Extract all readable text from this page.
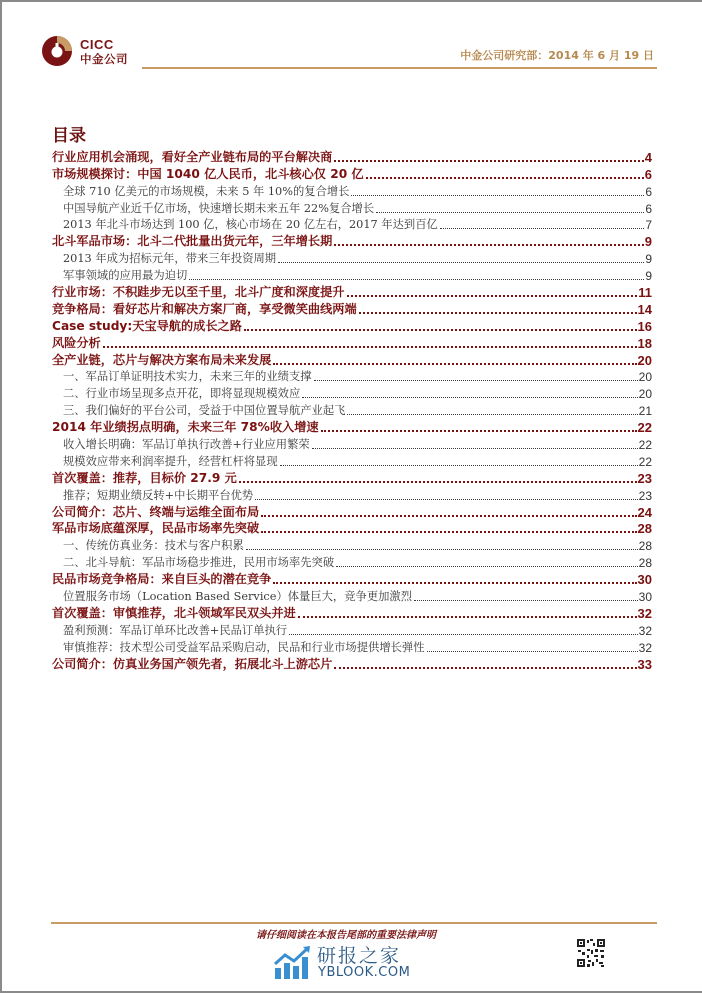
CICC
中金公司	中金公司研究部：2014 年 6 月 19 日
目录
行业应用机会涌现，看好全产业链布局的平台解决商	4
市场规模探讨：中国 1040 亿人民币，北斗核心仅 20 亿	6
全球 710 亿美元的市场规模，未来 5 年 10%的复合增长	6
中国导航产业近千亿市场，快速增长期未来五年 22%复合增长	6
2013 年北斗市场达到 100 亿，核心市场在 20 亿左右，2017 年达到百亿	7
北斗军品市场：北斗二代批量出货元年，三年增长期	9
2013 年成为招标元年，带来三年投资周期	9
军事领域的应用最为迫切	9
行业市场：不积跬步无以至千里，北斗广度和深度提升	11
竞争格局：看好芯片和解决方案厂商，享受微笑曲线两端	14
Case study:天宝导航的成长之路	16
风险分析	18
全产业链，芯片与解决方案布局未来发展	20
一、军品订单证明技术实力，未来三年的业绩支撑	20
二、行业市场呈现多点开花，即将显现规模效应	20
三、我们偏好的平台公司，受益于中国位置导航产业起飞	21
2014 年业绩拐点明确，未来三年 78%收入增速	22
收入增长明确：军品订单执行改善+行业应用繁荣	22
规模效应带来利润率提升，经营杠杆将显现	22
首次覆盖：推荐，目标价 27.9 元	23
推荐；短期业绩反转+中长期平台优势	23
公司简介：芯片、终端与运维全面布局	24
军品市场底蕴深厚，民品市场率先突破	28
一、传统仿真业务：技术与客户积累	28
二、北斗导航：军品市场稳步推进，民用市场率先突破	28
民品市场竞争格局：来自巨头的潜在竞争	30
位置服务市场（Location Based Service）体量巨大，竞争更加激烈	30
首次覆盖：审慎推荐，北斗领域军民双头并进	32
盈利预测：军品订单环比改善+民品订单执行	32
审慎推荐：技术型公司受益军品采购启动，民品和行业市场提供增长弹性	32
公司简介：仿真业务国产领先者，拓展北斗上游芯片	33
请仔细阅读在本报告尾部的重要法律声明
研报之家
YBLOOK.COM
